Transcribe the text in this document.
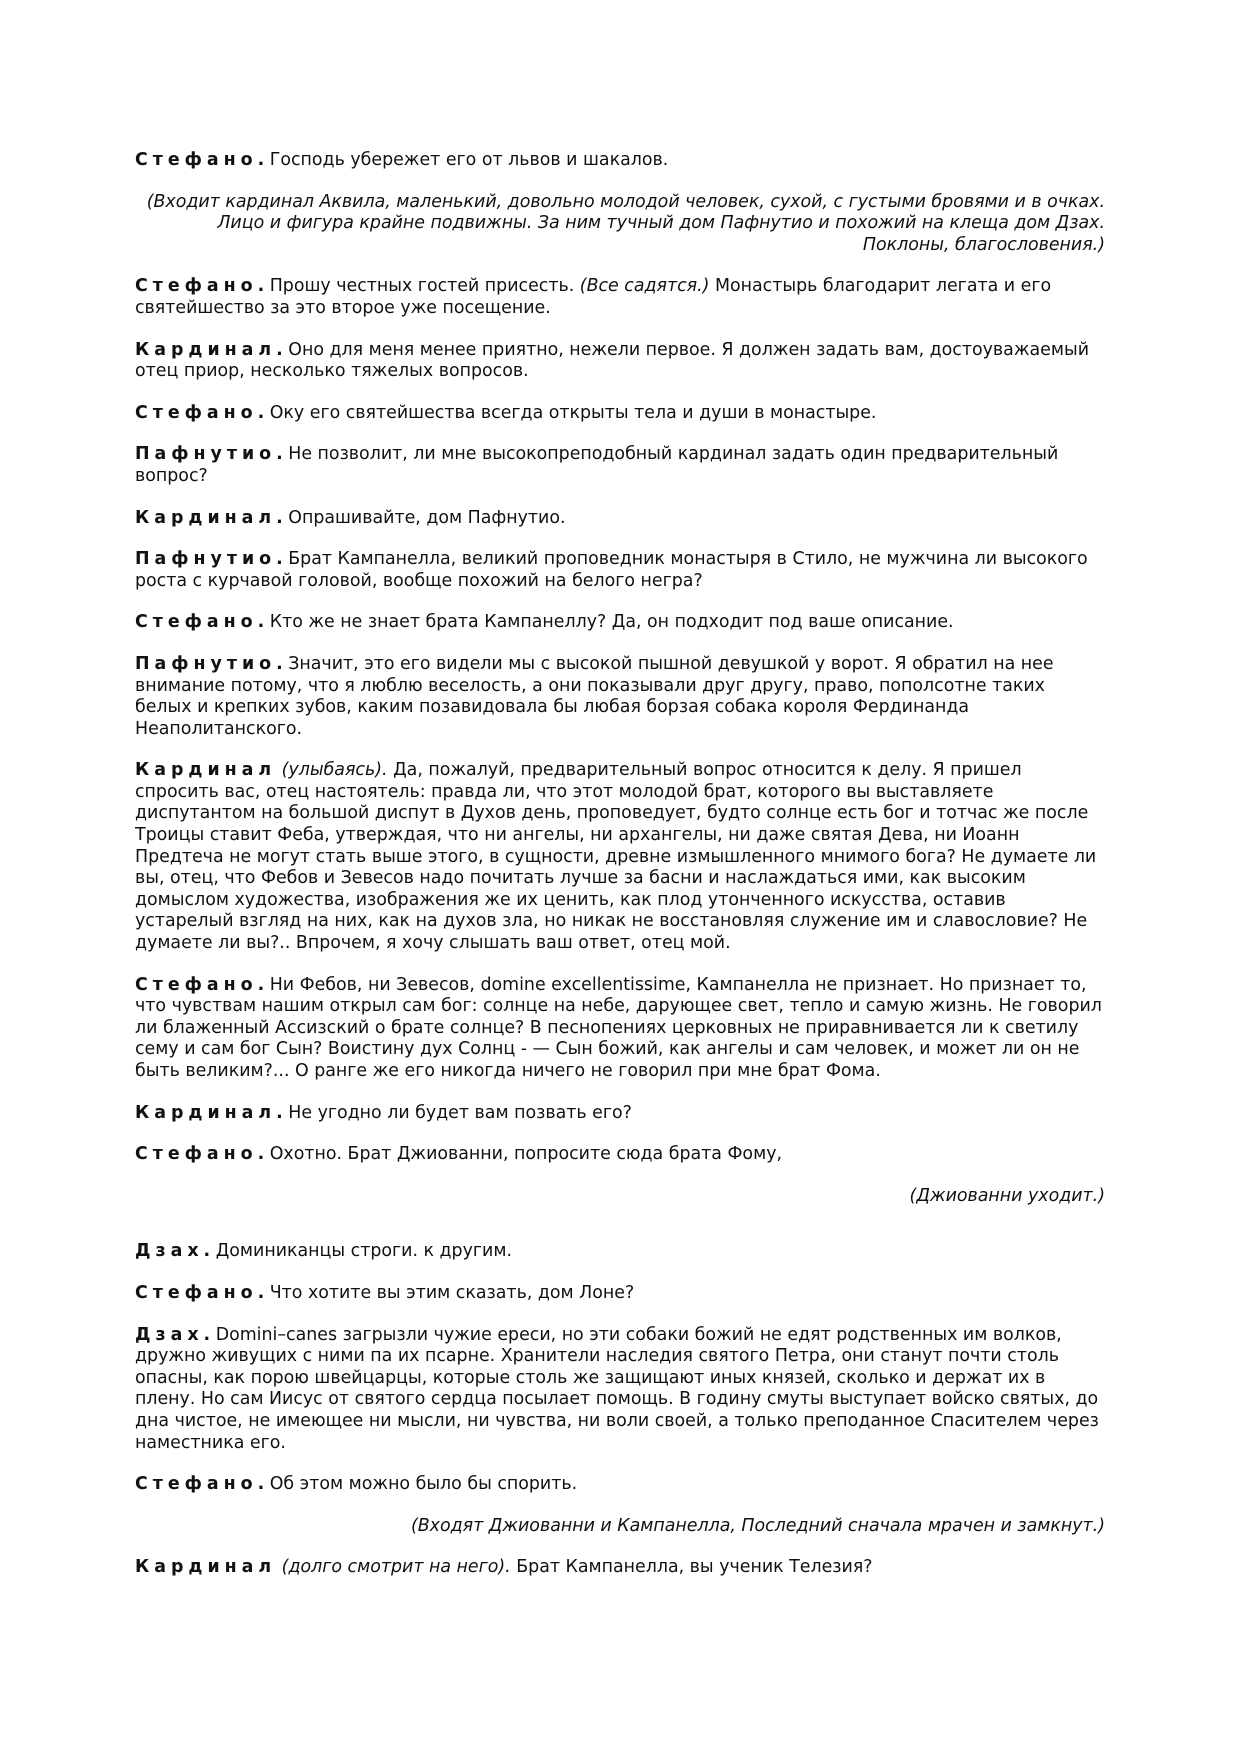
Стефано. Господь убережет его от львов и шакалов.

(Входит кардинал Аквила, маленький, довольно молодой человек, сухой, с густыми бровями и в очках. Лицо и фигура крайне подвижны. За ним тучный дом Пафнутио и похожий на клеща дом Дзах. Поклоны, благословения.)

Стефано. Прошу честных гостей присесть. (Все садятся.) Монастырь благодарит легата и его святейшество за это второе уже посещение.

Кардинал. Оно для меня менее приятно, нежели первое. Я должен задать вам, достоуважаемый отец приор, несколько тяжелых вопросов.

Стефано. Оку его святейшества всегда открыты тела и души в монастыре.

Пафнутио. Не позволит, ли мне высокопреподобный кардинал задать один предварительный вопрос?

Кардинал. Опрашивайте, дом Пафнутио.

Пафнутио. Брат Кампанелла, великий проповедник монастыря в Стило, не мужчина ли высокого роста с курчавой головой, вообще похожий на белого негра?

Стефано. Кто же не знает брата Кампанеллу? Да, он подходит под ваше описание.

Пафнутио. Значит, это его видели мы с высокой пышной девушкой у ворот. Я обратил на нее внимание потому, что я люблю веселость, а они показывали друг другу, право, пополсотне таких белых и крепких зубов, каким позавидовала бы любая борзая собака короля Фердинанда Неаполитанского.

Кардинал (улыбаясь). Да, пожалуй, предварительный вопрос относится к делу. Я пришел спросить вас, отец настоятель: правда ли, что этот молодой брат, которого вы выставляете диспутантом на большой диспут в Духов день, проповедует, будто солнце есть бог и тотчас же после Троицы ставит Феба, утверждая, что ни ангелы, ни архангелы, ни даже святая Дева, ни Иоанн Предтеча не могут стать выше этого, в сущности, древне измышленного мнимого бога? Не думаете ли вы, отец, что Фебов и Зевесов надо почитать лучше за басни и наслаждаться ими, как высоким домыслом художества, изображения же их ценить, как плод утонченного искусства, оставив устарелый взгляд на них, как на духов зла, но никак не восстановляя служение им и славословие? Не думаете ли вы?.. Впрочем, я хочу слышать ваш ответ, отец мой.

Стефано. Ни Фебов, ни Зевесов, domine excellentissime, Кампанелла не признает. Но признает то, что чувствам нашим открыл сам бог: солнце на небе, дарующее свет, тепло и самую жизнь. Не говорил ли блаженный Ассизский о брате солнце? В песнопениях церковных не приравнивается ли к светилу сему и сам бог Сын? Воистину дух Солнц - — Сын божий, как ангелы и сам человек, и может ли он не быть великим?... О ранге же его никогда ничего не говорил при мне брат Фома.

Кардинал. Не угодно ли будет вам позвать его?

Стефано. Охотно. Брат Джиованни, попросите сюда брата Фому,

(Джиованни уходит.)

Дзах. Доминиканцы строги. к другим.

Стефано. Что хотите вы этим сказать, дом Лоне?

Дзах. Domini–canes загрызли чужие ереси, но эти собаки божий не едят родственных им волков, дружно живущих с ними па их псарне. Хранители наследия святого Петра, они станут почти столь опасны, как порою швейцарцы, которые столь же защищают иных князей, сколько и держат их в плену. Но сам Иисус от святого сердца посылает помощь. В годину смуты выступает войско святых, до дна чистое, не имеющее ни мысли, ни чувства, ни воли своей, а только преподанное Спасителем через наместника его.

Стефано. Об этом можно было бы спорить.

(Входят Джиованни и Кампанелла, Последний сначала мрачен и замкнут.)

Кардинал (долго смотрит на него). Брат Кампанелла, вы ученик Телезия?
